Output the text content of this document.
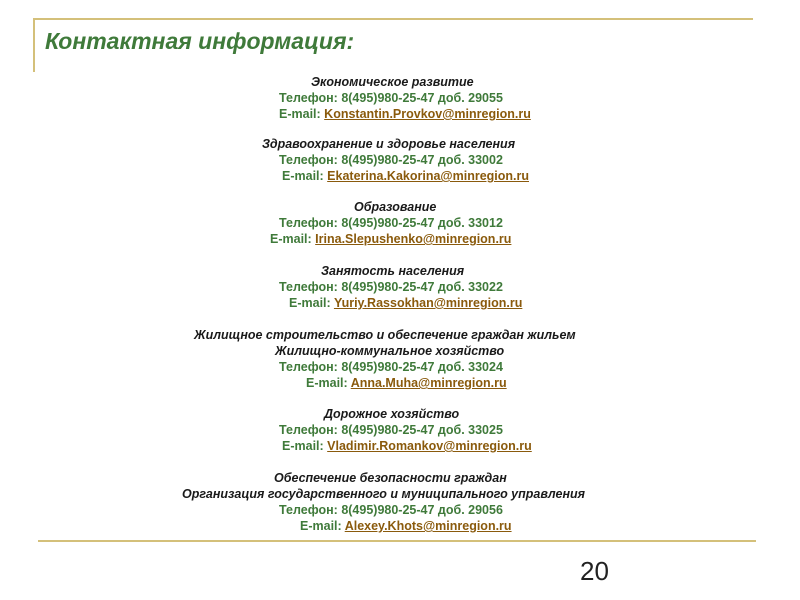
Контактная информация:
Экономическое развитие
Телефон: 8(495)980-25-47 доб. 29055
E-mail: Konstantin.Provkov@minregion.ru
Здравоохранение и здоровье населения
Телефон: 8(495)980-25-47 доб. 33002
E-mail: Ekaterina.Kakorina@minregion.ru
Образование
Телефон: 8(495)980-25-47 доб. 33012
E-mail: Irina.Slepushenko@minregion.ru
Занятость населения
Телефон: 8(495)980-25-47 доб. 33022
E-mail: Yuriy.Rassokhan@minregion.ru
Жилищное строительство и обеспечение граждан жильем
Жилищно-коммунальное хозяйство
Телефон: 8(495)980-25-47 доб. 33024
E-mail: Anna.Muha@minregion.ru
Дорожное хозяйство
Телефон: 8(495)980-25-47 доб. 33025
E-mail: Vladimir.Romankov@minregion.ru
Обеспечение безопасности граждан
Организация государственного и муниципального управления
Телефон: 8(495)980-25-47 доб. 29056
E-mail: Alexey.Khots@minregion.ru
20
